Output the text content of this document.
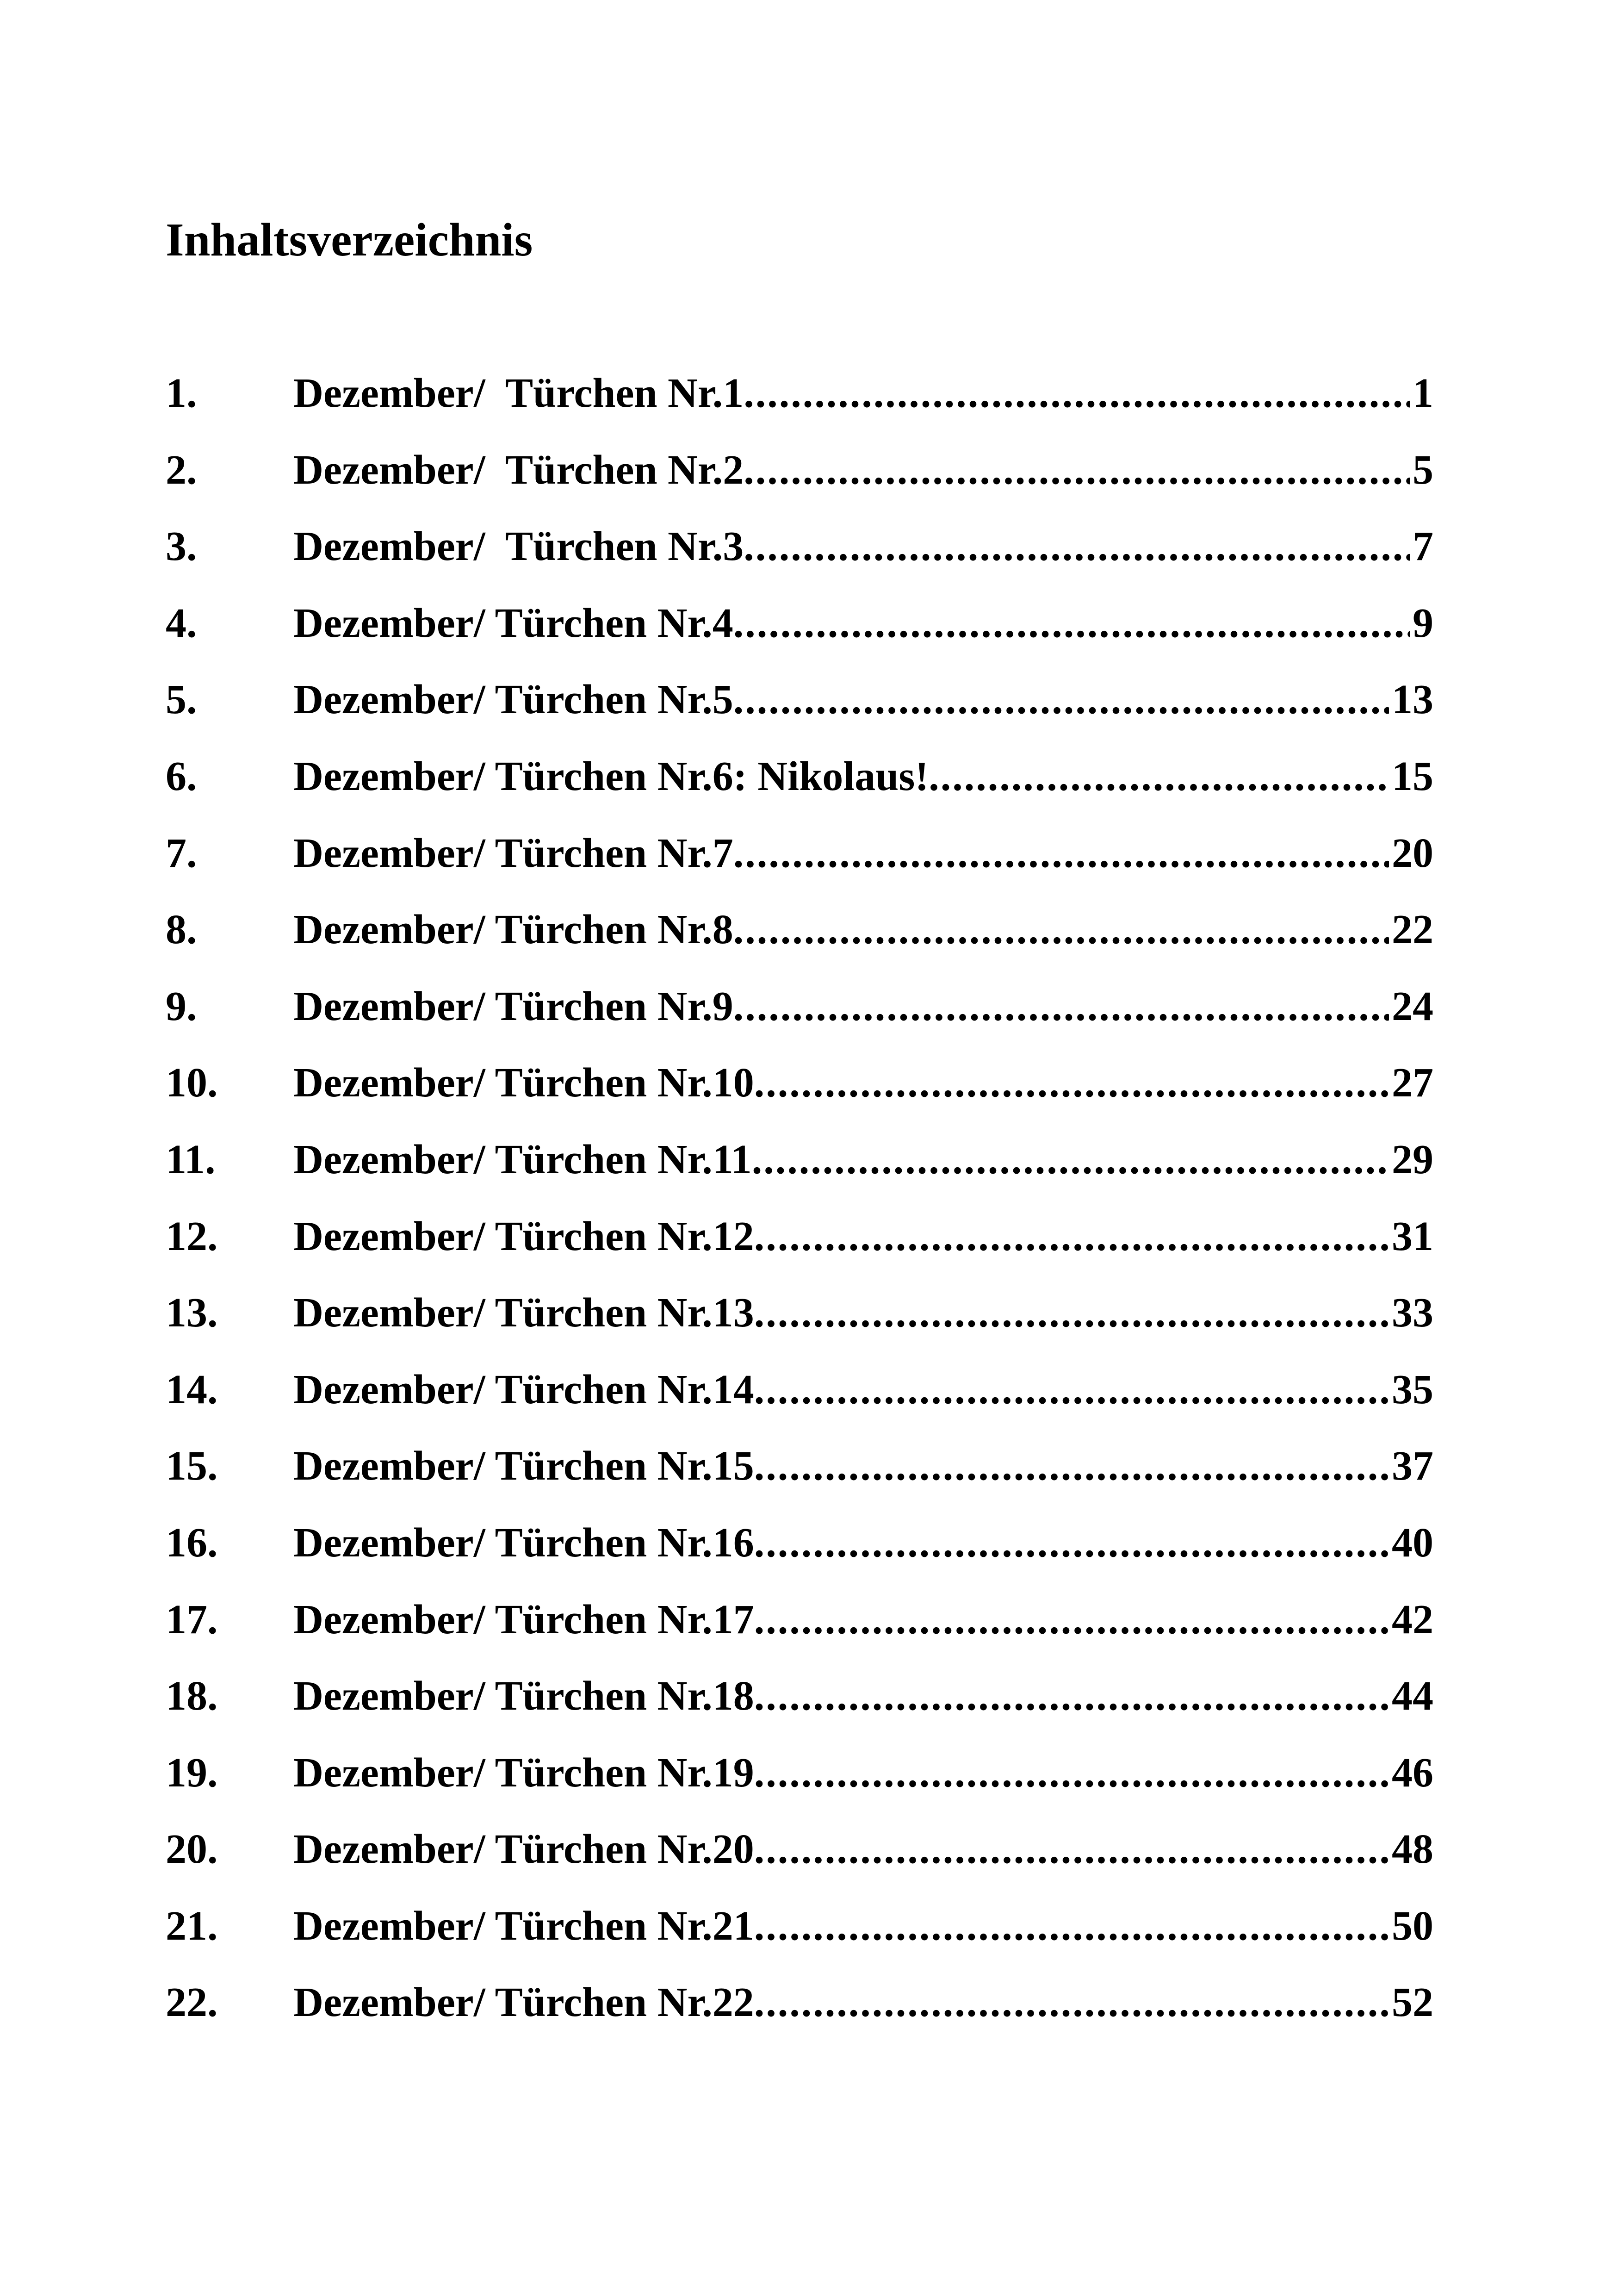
Inhaltsverzeichnis
1.	Dezember/  Türchen Nr.1 .....	1
2.	Dezember/  Türchen Nr.2 .....	5
3.	Dezember/  Türchen Nr.3 .....	7
4.	Dezember/ Türchen Nr.4 .....	9
5.	Dezember/ Türchen Nr.5 .....	13
6.	Dezember/ Türchen Nr.6: Nikolaus! .....	15
7.	Dezember/ Türchen Nr.7 .....	20
8.	Dezember/ Türchen Nr.8 .....	22
9.	Dezember/ Türchen Nr.9 .....	24
10.	Dezember/ Türchen Nr.10 .....	27
11.	Dezember/ Türchen Nr.11 .....	29
12.	Dezember/ Türchen Nr.12 .....	31
13.	Dezember/ Türchen Nr.13 .....	33
14.	Dezember/ Türchen Nr.14 .....	35
15.	Dezember/ Türchen Nr.15 .....	37
16.	Dezember/ Türchen Nr.16 .....	40
17.	Dezember/ Türchen Nr.17 .....	42
18.	Dezember/ Türchen Nr.18 .....	44
19.	Dezember/ Türchen Nr.19 .....	46
20.	Dezember/ Türchen Nr.20 .....	48
21.	Dezember/ Türchen Nr.21 .....	50
22.	Dezember/ Türchen Nr.22 .....	52
